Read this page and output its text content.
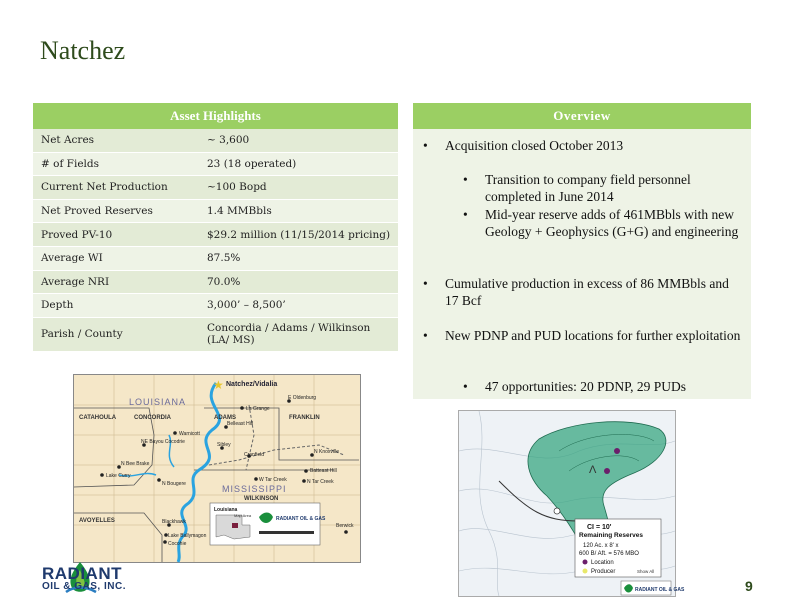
Natchez
Asset Highlights
Net Acres	~ 3,600
# of Fields	23 (18 operated)
Current Net Production	~100 Bopd
Net Proved Reserves	1.4 MMBbls
Proved PV-10	$29.2 million (11/15/2014 pricing)
Average WI	87.5%
Average NRI	70.0%
Depth	3,000’ – 8,500’
Parish / County	Concordia / Adams / Wilkinson (LA/ MS)
Overview
• Acquisition closed October 2013
• Transition to company field personnel completed in June 2014
• Mid-year reserve adds of 461MBbls with new Geology + Geophysics (G+G) and engineering
• Cumulative production in excess of 86 MMBbls and 17 Bcf
• New PDNP and PUD locations for further exploitation
• 47 opportunities: 20 PDNP, 29 PUDs
LOUISIANA
MISSISSIPPI
CATAHOULA	CONCORDIA	ADAMS	FRANKLIN
AVOYELLES
WILKINSON
★ Natchez/Vidalia
E Oldenburg
La Grange
Belleast Hill
Warnicott
NE Bayou Cocodrie	Sibley
Cranfield	N Knoxville
N Bee Brake
Lake Curry
Batteast Hill
W Tar Creek	N Tar Creek
N Bougere
Blackhawk
Lake Ballymagon
Cocohie
Berwick
Louisiana
Map Area
RADIANT OIL & GAS
Λ
CI = 10'
Remaining Reserves
120 Ac. x 8' x
600 B/ Aft. = 576 MBO
Location
Producer	Show All
RADIANT OIL & GAS
RADIANT
OIL & GAS, INC.	9
